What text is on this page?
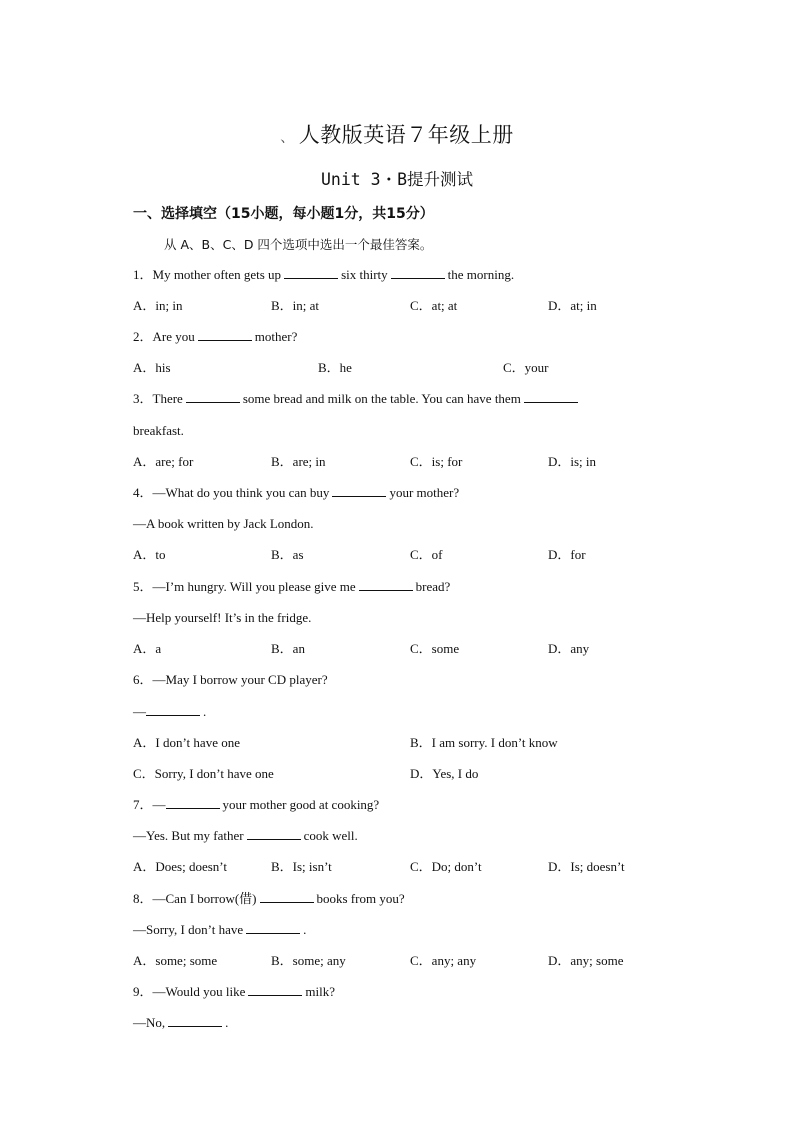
、 人教版英语７年级上册
Unit 3・B提升测试
一、选择填空（15小题，每小题1分，共15分）
从 A、B、C、D 四个选项中选出一个最佳答案。
1．My mother often gets up	six thirty	the morning.
A．in; in	B．in; at	C．at; at	D．at; in
2．Are you	mother?
A．his	B．he	C．your
3．There	some bread and milk on the table. You can have them
breakfast.
A．are; for	B．are; in	C．is; for	D．is; in
4．—What do you think you can buy	your mother?
—A book written by Jack London.
A．to	B．as	C．of	D．for
5．—I’m hungry. Will you please give me	bread?
—Help yourself! It’s in the fridge.
A．a	B．an	C．some	D．any
6．—May I borrow your CD player?
—	.
A．I don’t have one	B．I am sorry. I don’t know
C．Sorry, I don’t have one	D．Yes, I do
7．—	your mother good at cooking?
—Yes. But my father	cook well.
A．Does; doesn’t	B．Is; isn’t	C．Do; don’t	D．Is; doesn’t
8．—Can I borrow(借)	books from you?
—Sorry, I don’t have	.
A．some; some	B．some; any	C．any; any	D．any; some
9．—Would you like	milk?
—No,	.
